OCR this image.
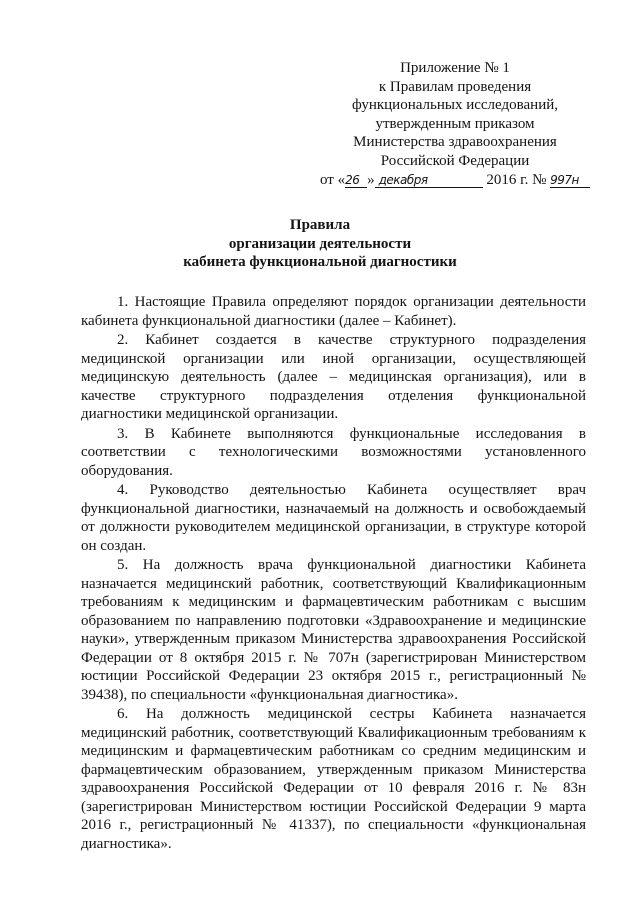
Приложение № 1
к Правилам проведения
функциональных исследований,
утвержденным приказом
Министерства здравоохранения
Российской Федерации
от «26 » декабря	2016 г. № 997н
Правила
организации деятельности
кабинета функциональной диагностики

1. Настоящие Правила определяют порядок организации деятельности кабинета функциональной диагностики (далее – Кабинет).

2. Кабинет создается в качестве структурного подразделения медицинской организации или иной организации, осуществляющей медицинскую деятельность (далее – медицинская организация), или в качестве структурного подразделения отделения функциональной диагностики медицинской организации.

3. В Кабинете выполняются функциональные исследования в соответствии с технологическими возможностями установленного оборудования.

4. Руководство деятельностью Кабинета осуществляет врач функциональной диагностики, назначаемый на должность и освобождаемый от должности руководителем медицинской организации, в структуре которой он создан.

5. На должность врача функциональной диагностики Кабинета назначается медицинский работник, соответствующий Квалификационным требованиям к медицинским и фармацевтическим работникам с высшим образованием по направлению подготовки «Здравоохранение и медицинские науки», утвержденным приказом Министерства здравоохранения Российской Федерации от 8 октября 2015 г. № 707н (зарегистрирован Министерством юстиции Российской Федерации 23 октября 2015 г., регистрационный № 39438), по специальности «функциональная диагностика».

6. На должность медицинской сестры Кабинета назначается медицинский работник, соответствующий Квалификационным требованиям к медицинским и фармацевтическим работникам со средним медицинским и фармацевтическим образованием, утвержденным приказом Министерства здравоохранения Российской Федерации от 10 февраля 2016 г. № 83н (зарегистрирован Министерством юстиции Российской Федерации 9 марта 2016 г., регистрационный № 41337), по специальности «функциональная диагностика».
